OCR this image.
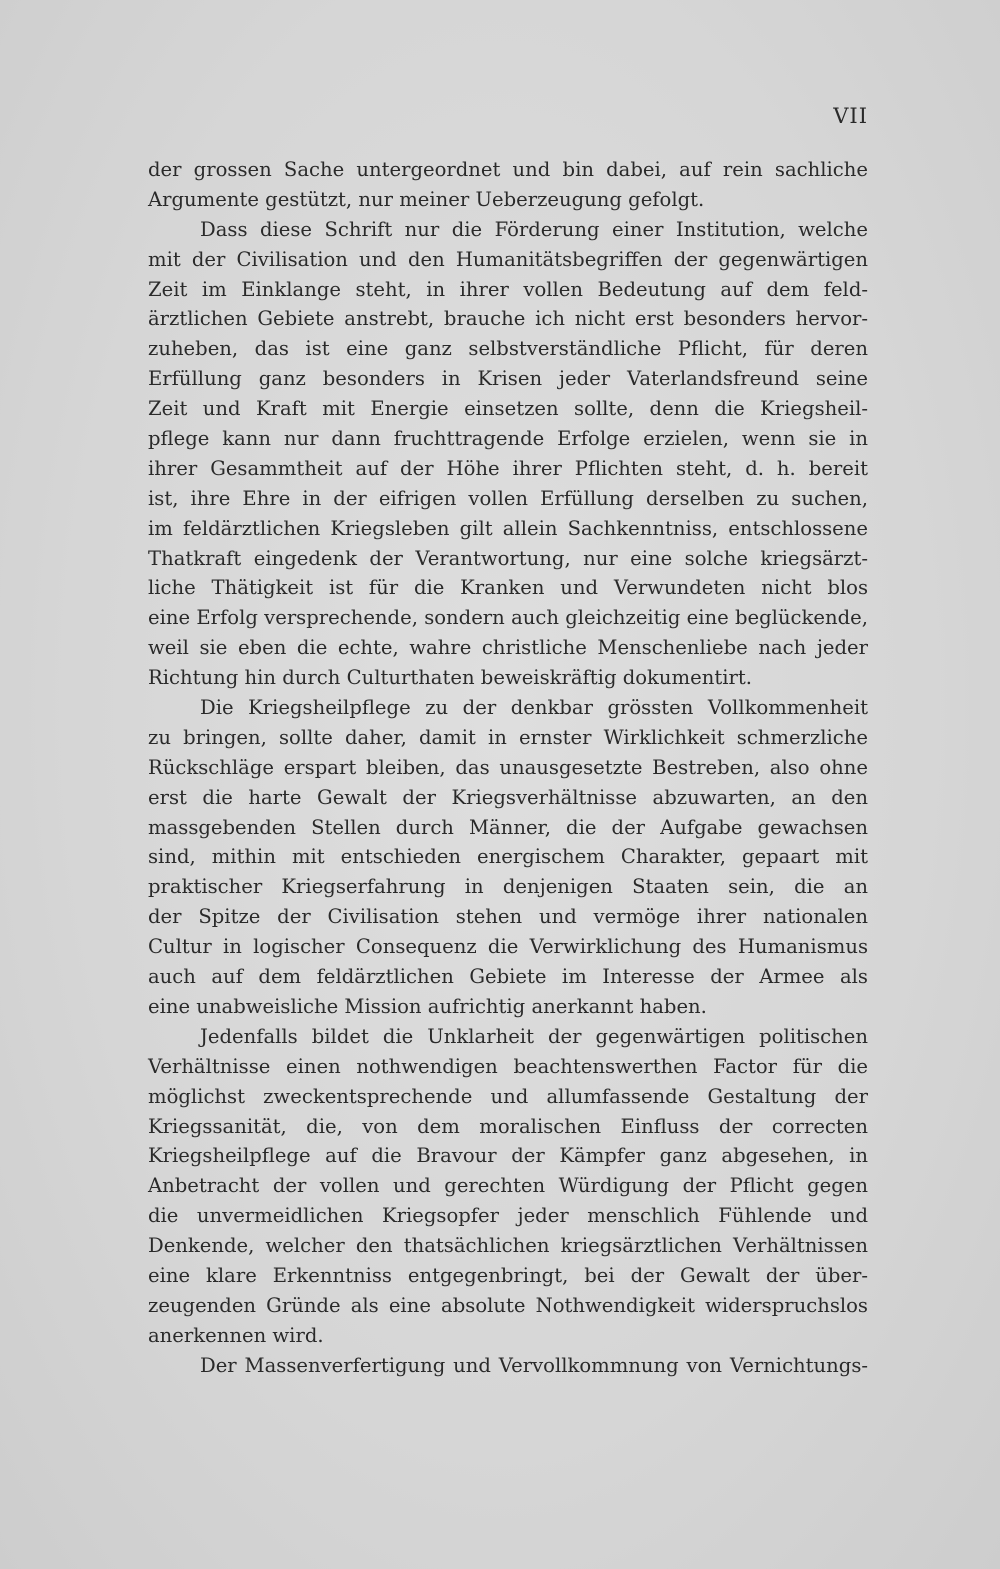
VII

der grossen Sache untergeordnet und bin dabei, auf rein sachliche
Argumente gestützt, nur meiner Ueberzeugung gefolgt.
Dass diese Schrift nur die Förderung einer Institution, welche
mit der Civilisation und den Humanitätsbegriffen der gegenwärtigen
Zeit im Einklange steht, in ihrer vollen Bedeutung auf dem feld-
ärztlichen Gebiete anstrebt, brauche ich nicht erst besonders hervor-
zuheben, das ist eine ganz selbstverständliche Pflicht, für deren
Erfüllung ganz besonders in Krisen jeder Vaterlandsfreund seine
Zeit und Kraft mit Energie einsetzen sollte, denn die Kriegsheil-
pflege kann nur dann fruchttragende Erfolge erzielen, wenn sie in
ihrer Gesammtheit auf der Höhe ihrer Pflichten steht, d. h. bereit
ist, ihre Ehre in der eifrigen vollen Erfüllung derselben zu suchen,
im feldärztlichen Kriegsleben gilt allein Sachkenntniss, entschlossene
Thatkraft eingedenk der Verantwortung, nur eine solche kriegsärzt-
liche Thätigkeit ist für die Kranken und Verwundeten nicht blos
eine Erfolg versprechende, sondern auch gleichzeitig eine beglückende,
weil sie eben die echte, wahre christliche Menschenliebe nach jeder
Richtung hin durch Culturthaten beweiskräftig dokumentirt.
Die Kriegsheilpflege zu der denkbar grössten Vollkommenheit
zu bringen, sollte daher, damit in ernster Wirklichkeit schmerzliche
Rückschläge erspart bleiben, das unausgesetzte Bestreben, also ohne
erst die harte Gewalt der Kriegsverhältnisse abzuwarten, an den
massgebenden Stellen durch Männer, die der Aufgabe gewachsen
sind, mithin mit entschieden energischem Charakter, gepaart mit
praktischer Kriegserfahrung in denjenigen Staaten sein, die an
der Spitze der Civilisation stehen und vermöge ihrer nationalen
Cultur in logischer Consequenz die Verwirklichung des Humanismus
auch auf dem feldärztlichen Gebiete im Interesse der Armee als
eine unabweisliche Mission aufrichtig anerkannt haben.
Jedenfalls bildet die Unklarheit der gegenwärtigen politischen
Verhältnisse einen nothwendigen beachtenswerthen Factor für die
möglichst zweckentsprechende und allumfassende Gestaltung der
Kriegssanität, die, von dem moralischen Einfluss der correcten
Kriegsheilpflege auf die Bravour der Kämpfer ganz abgesehen, in
Anbetracht der vollen und gerechten Würdigung der Pflicht gegen
die unvermeidlichen Kriegsopfer jeder menschlich Fühlende und
Denkende, welcher den thatsächlichen kriegsärztlichen Verhältnissen
eine klare Erkenntniss entgegenbringt, bei der Gewalt der über-
zeugenden Gründe als eine absolute Nothwendigkeit widerspruchslos
anerkennen wird.
Der Massenverfertigung und Vervollkommnung von Vernichtungs-
